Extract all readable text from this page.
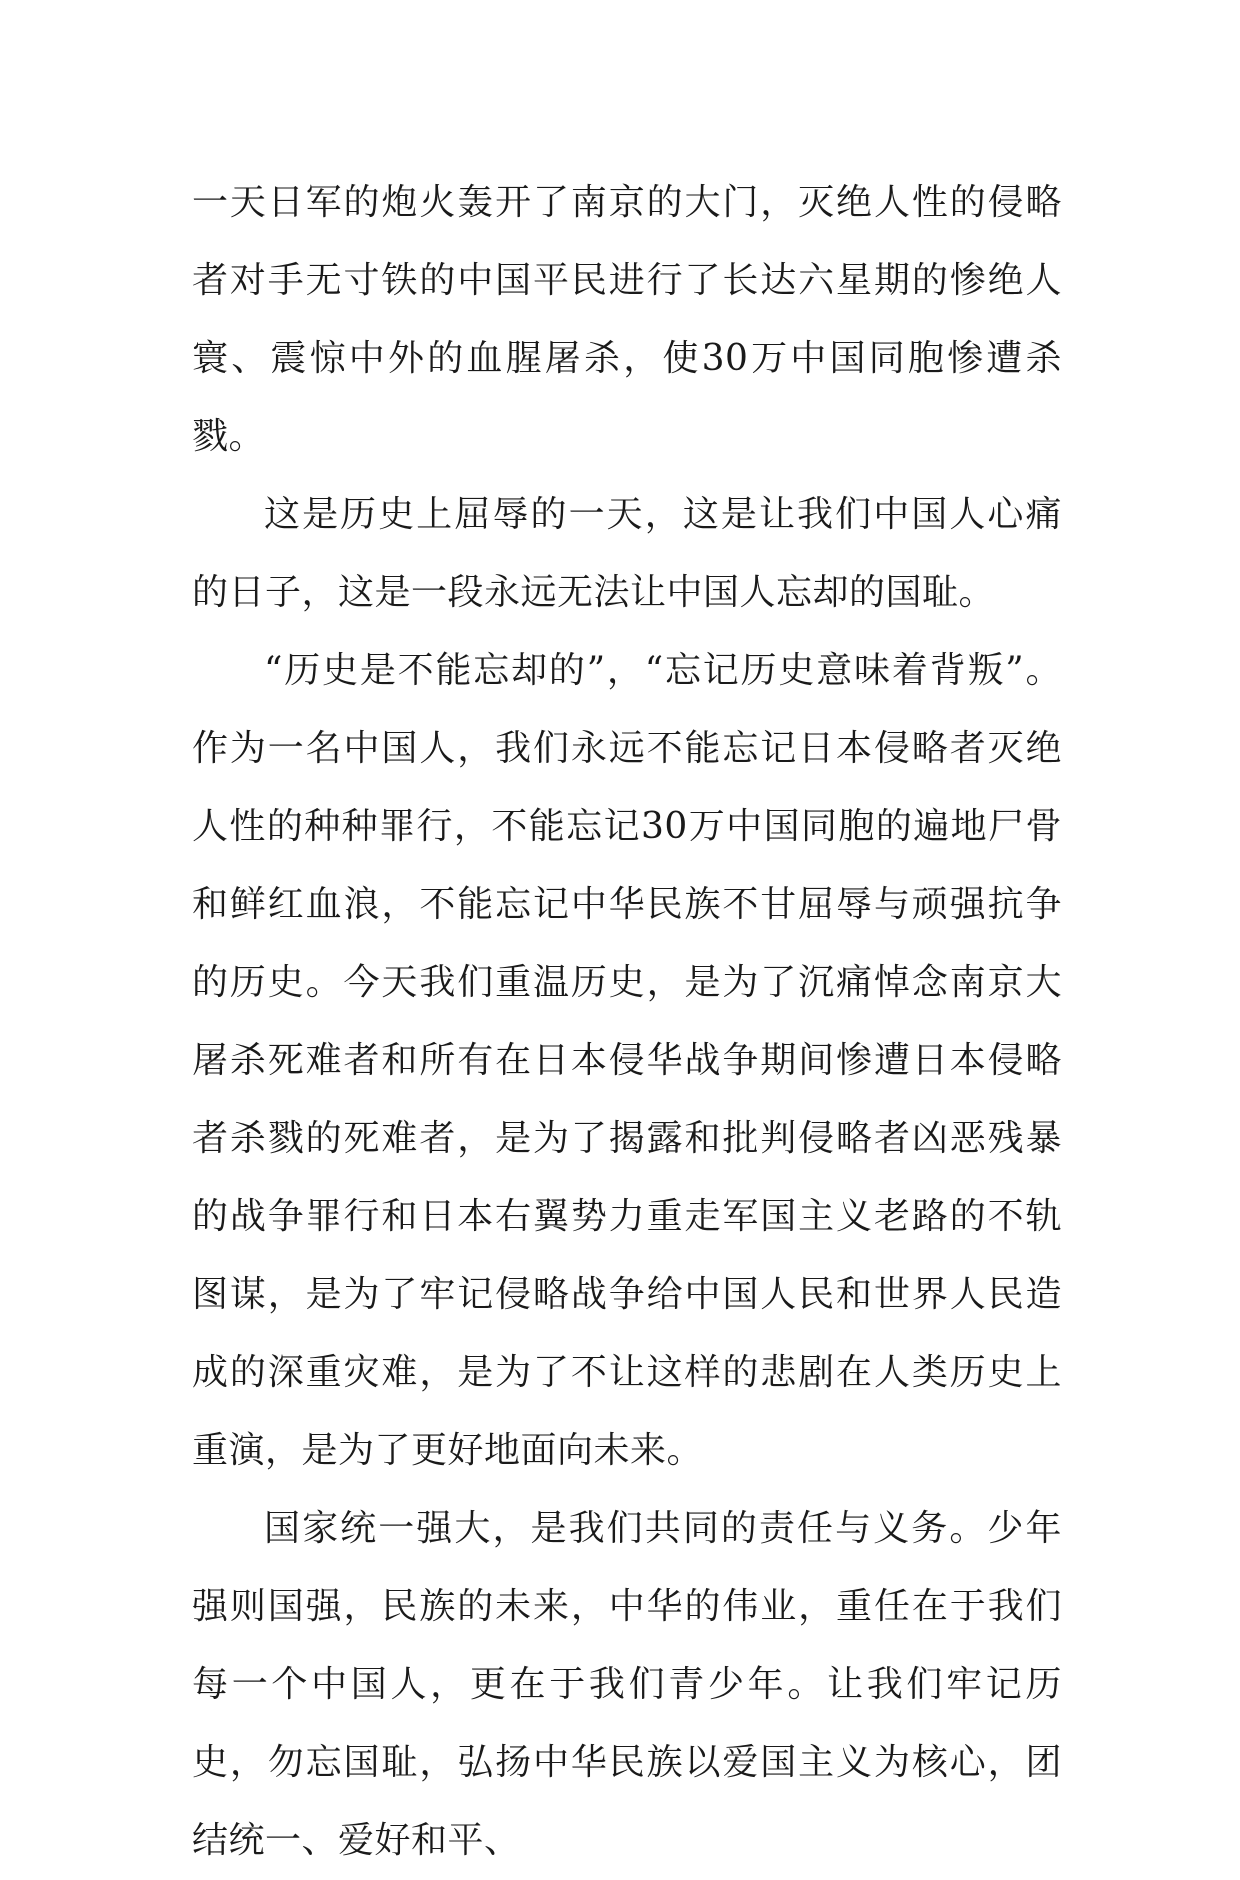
一天日军的炮火轰开了南京的大门，灭绝人性的侵略者对手无寸铁的中国平民进行了长达六星期的惨绝人寰、震惊中外的血腥屠杀，使30万中国同胞惨遭杀戮。

这是历史上屈辱的一天，这是让我们中国人心痛的日子，这是一段永远无法让中国人忘却的国耻。

“历史是不能忘却的”，“忘记历史意味着背叛”。作为一名中国人，我们永远不能忘记日本侵略者灭绝人性的种种罪行，不能忘记30万中国同胞的遍地尸骨和鲜红血浪，不能忘记中华民族不甘屈辱与顽强抗争的历史。今天我们重温历史，是为了沉痛悼念南京大屠杀死难者和所有在日本侵华战争期间惨遭日本侵略者杀戮的死难者，是为了揭露和批判侵略者凶恶残暴的战争罪行和日本右翼势力重走军国主义老路的不轨图谋，是为了牢记侵略战争给中国人民和世界人民造成的深重灾难，是为了不让这样的悲剧在人类历史上重演，是为了更好地面向未来。

国家统一强大，是我们共同的责任与义务。少年强则国强，民族的未来，中华的伟业，重任在于我们每一个中国人，更在于我们青少年。让我们牢记历史，勿忘国耻，弘扬中华民族以爱国主义为核心，团结统一、爱好和平、
